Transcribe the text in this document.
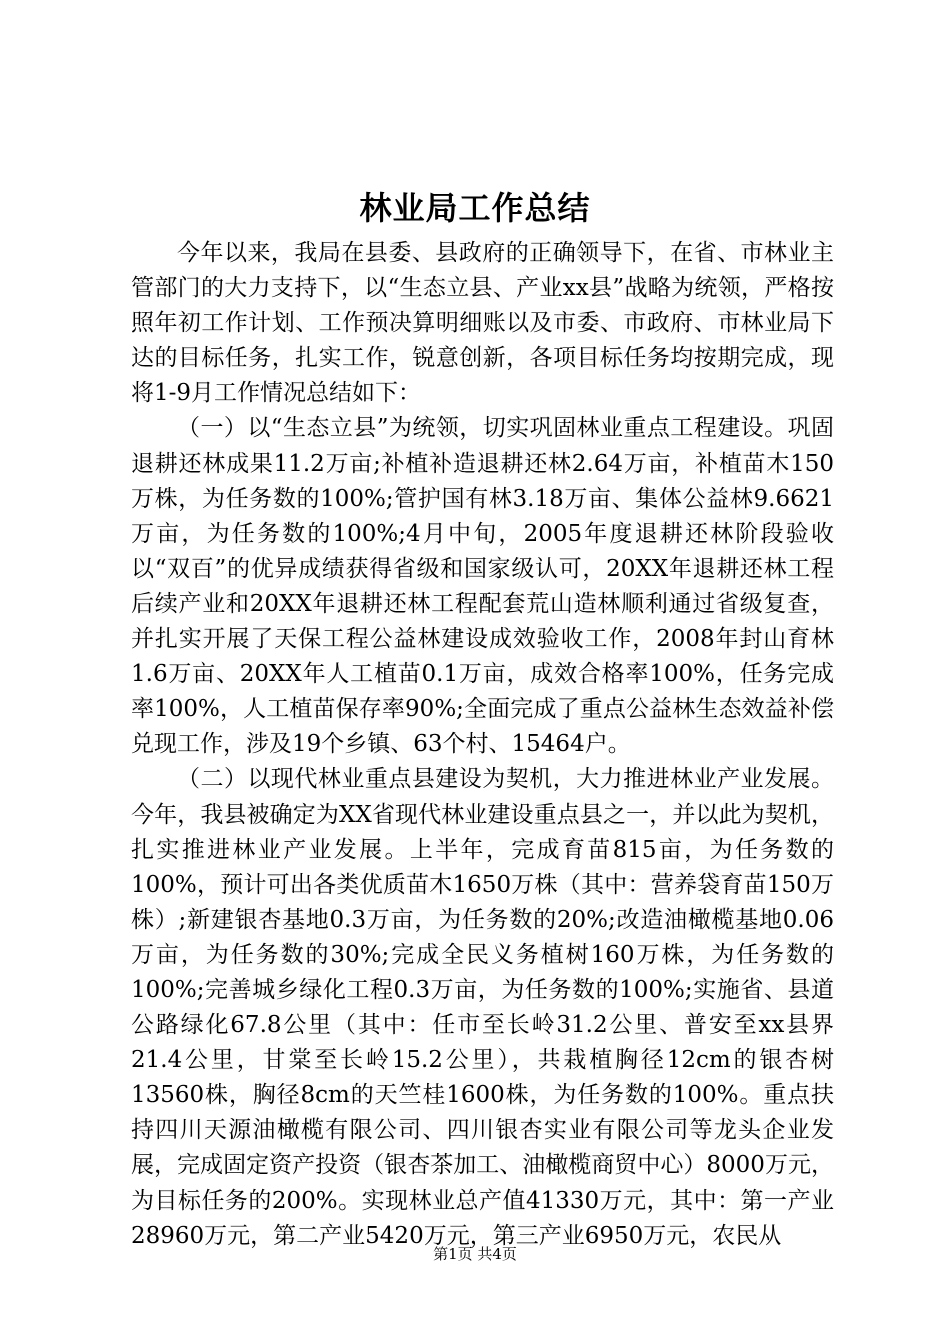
林业局工作总结

今年以来，我局在县委、县政府的正确领导下，在省、市林业主管部门的大力支持下，以“生态立县、产业xx县”战略为统领，严格按照年初工作计划、工作预决算明细账以及市委、市政府、市林业局下达的目标任务，扎实工作，锐意创新，各项目标任务均按期完成，现将1-9月工作情况总结如下：

（一）以“生态立县”为统领，切实巩固林业重点工程建设。巩固退耕还林成果11.2万亩;补植补造退耕还林2.64万亩，补植苗木150万株，为任务数的100%;管护国有林3.18万亩、集体公益林9.6621万亩，为任务数的100%;4月中旬，2005年度退耕还林阶段验收以“双百”的优异成绩获得省级和国家级认可，20XX年退耕还林工程后续产业和20XX年退耕还林工程配套荒山造林顺利通过省级复查，并扎实开展了天保工程公益林建设成效验收工作，2008年封山育林1.6万亩、20XX年人工植苗0.1万亩，成效合格率100%，任务完成率100%，人工植苗保存率90%;全面完成了重点公益林生态效益补偿兑现工作，涉及19个乡镇、63个村、15464户。

（二）以现代林业重点县建设为契机，大力推进林业产业发展。今年，我县被确定为XX省现代林业建设重点县之一，并以此为契机，扎实推进林业产业发展。上半年，完成育苗815亩，为任务数的100%，预计可出各类优质苗木1650万株（其中：营养袋育苗150万株）;新建银杏基地0.3万亩，为任务数的20%;改造油橄榄基地0.06万亩，为任务数的30%;完成全民义务植树160万株，为任务数的100%;完善城乡绿化工程0.3万亩，为任务数的100%;实施省、县道公路绿化67.8公里（其中：任市至长岭31.2公里、普安至xx县界21.4公里，甘棠至长岭15.2公里），共栽植胸径12cm的银杏树13560株，胸径8cm的天竺桂1600株，为任务数的100%。重点扶持四川天源油橄榄有限公司、四川银杏实业有限公司等龙头企业发展，完成固定资产投资（银杏茶加工、油橄榄商贸中心）8000万元，为目标任务的200%。实现林业总产值41330万元，其中：第一产业28960万元，第二产业5420万元，第三产业6950万元，农民从

第1页 共4页
